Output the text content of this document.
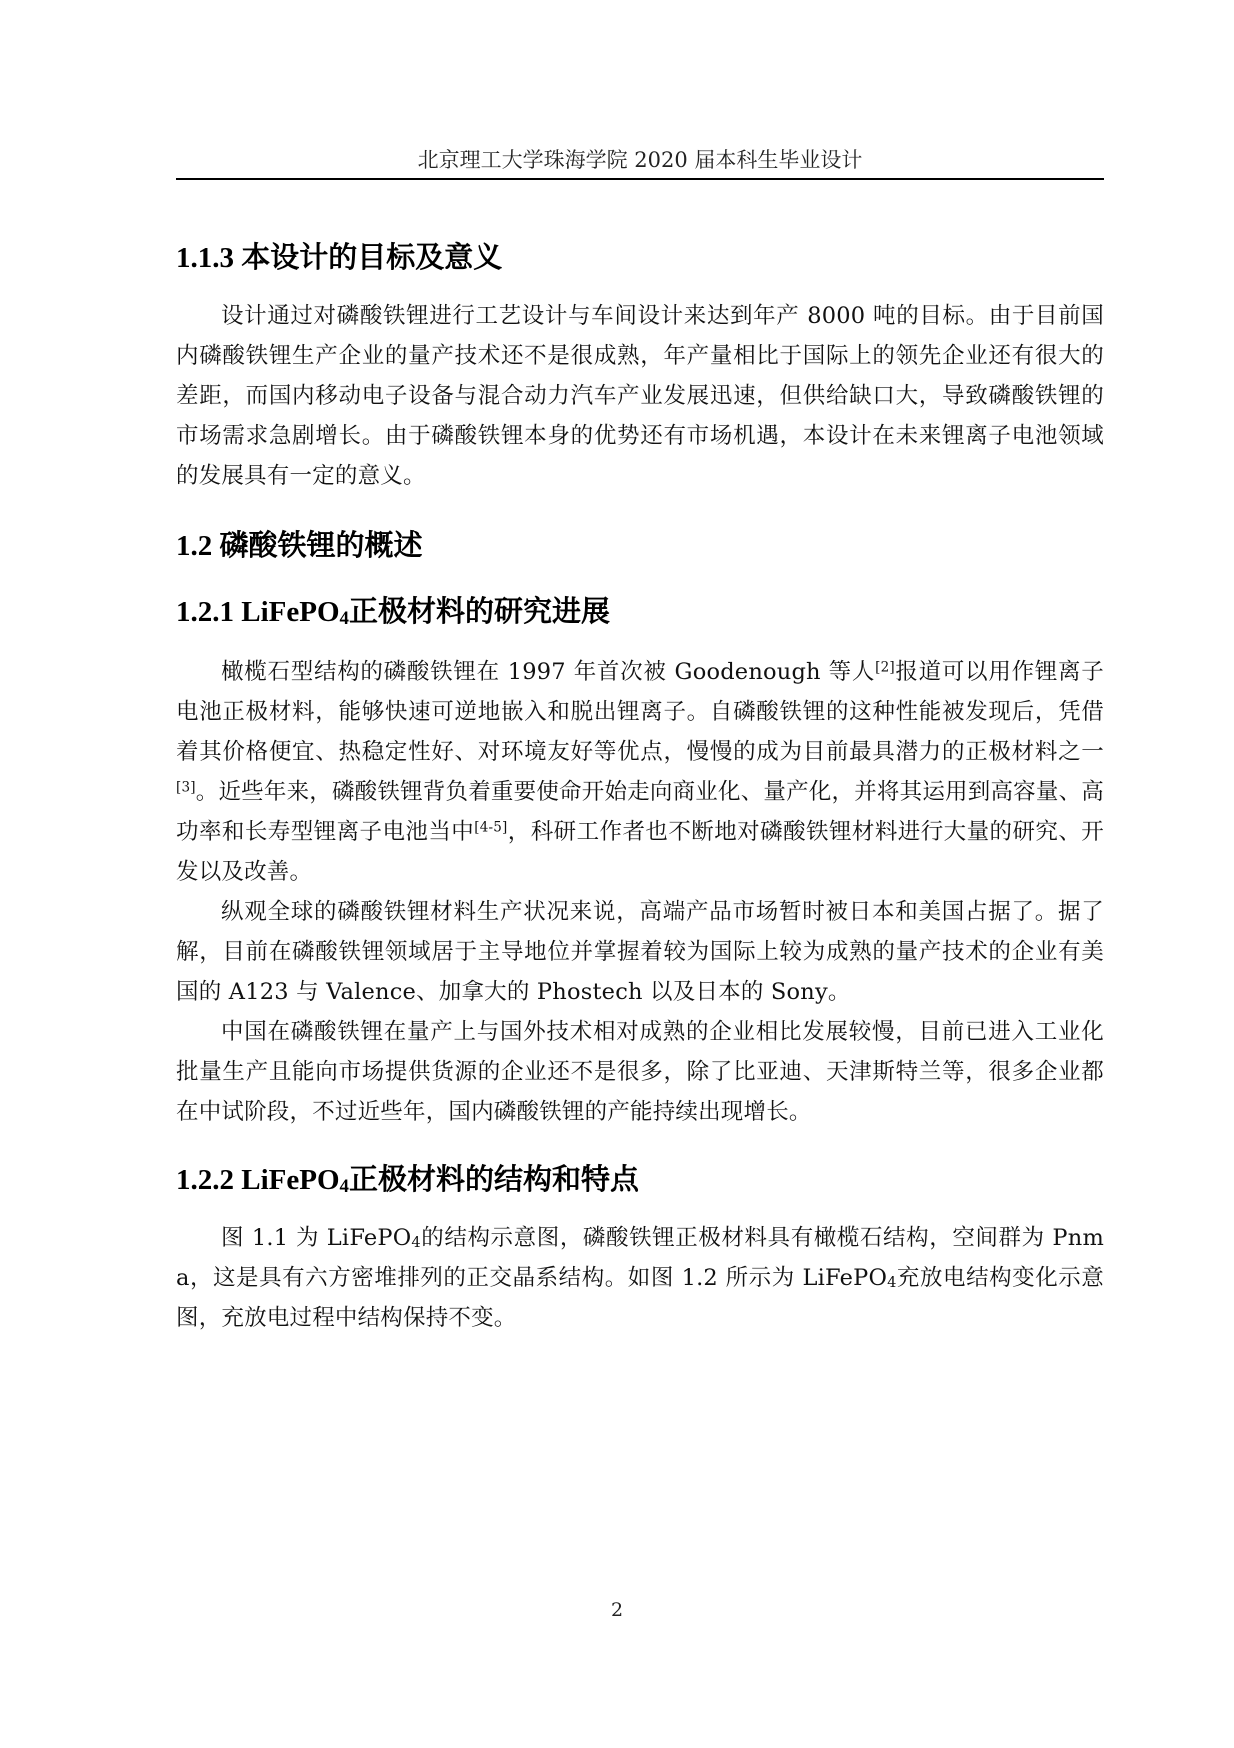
北京理工大学珠海学院 2020 届本科生毕业设计
1.1.3 本设计的目标及意义

设计通过对磷酸铁锂进行工艺设计与车间设计来达到年产 8000 吨的目标。由于目前国内磷酸铁锂生产企业的量产技术还不是很成熟，年产量相比于国际上的领先企业还有很大的差距，而国内移动电子设备与混合动力汽车产业发展迅速，但供给缺口大，导致磷酸铁锂的市场需求急剧增长。由于磷酸铁锂本身的优势还有市场机遇，本设计在未来锂离子电池领域的发展具有一定的意义。

1.2 磷酸铁锂的概述
1.2.1 LiFePO$_4$正极材料的研究进展

橄榄石型结构的磷酸铁锂在 1997 年首次被 Goodenough 等人[2]报道可以用作锂离子电池正极材料，能够快速可逆地嵌入和脱出锂离子。自磷酸铁锂的这种性能被发现后，凭借着其价格便宜、热稳定性好、对环境友好等优点，慢慢的成为目前最具潜力的正极材料之一[3]。近些年来，磷酸铁锂背负着重要使命开始走向商业化、量产化，并将其运用到高容量、高功率和长寿型锂离子电池当中[4-5]，科研工作者也不断地对磷酸铁锂材料进行大量的研究、开发以及改善。

纵观全球的磷酸铁锂材料生产状况来说，高端产品市场暂时被日本和美国占据了。据了解，目前在磷酸铁锂领域居于主导地位并掌握着较为国际上较为成熟的量产技术的企业有美国的 A123 与 Valence、加拿大的 Phostech 以及日本的 Sony。

中国在磷酸铁锂在量产上与国外技术相对成熟的企业相比发展较慢，目前已进入工业化批量生产且能向市场提供货源的企业还不是很多，除了比亚迪、天津斯特兰等，很多企业都在中试阶段，不过近些年，国内磷酸铁锂的产能持续出现增长。

1.2.2 LiFePO$_4$正极材料的结构和特点

图 1.1 为 LiFePO$_4$的结构示意图，磷酸铁锂正极材料具有橄榄石结构，空间群为 Pnma，这是具有六方密堆排列的正交晶系结构。如图 1.2 所示为 LiFePO$_4$充放电结构变化示意图，充放电过程中结构保持不变。

2
